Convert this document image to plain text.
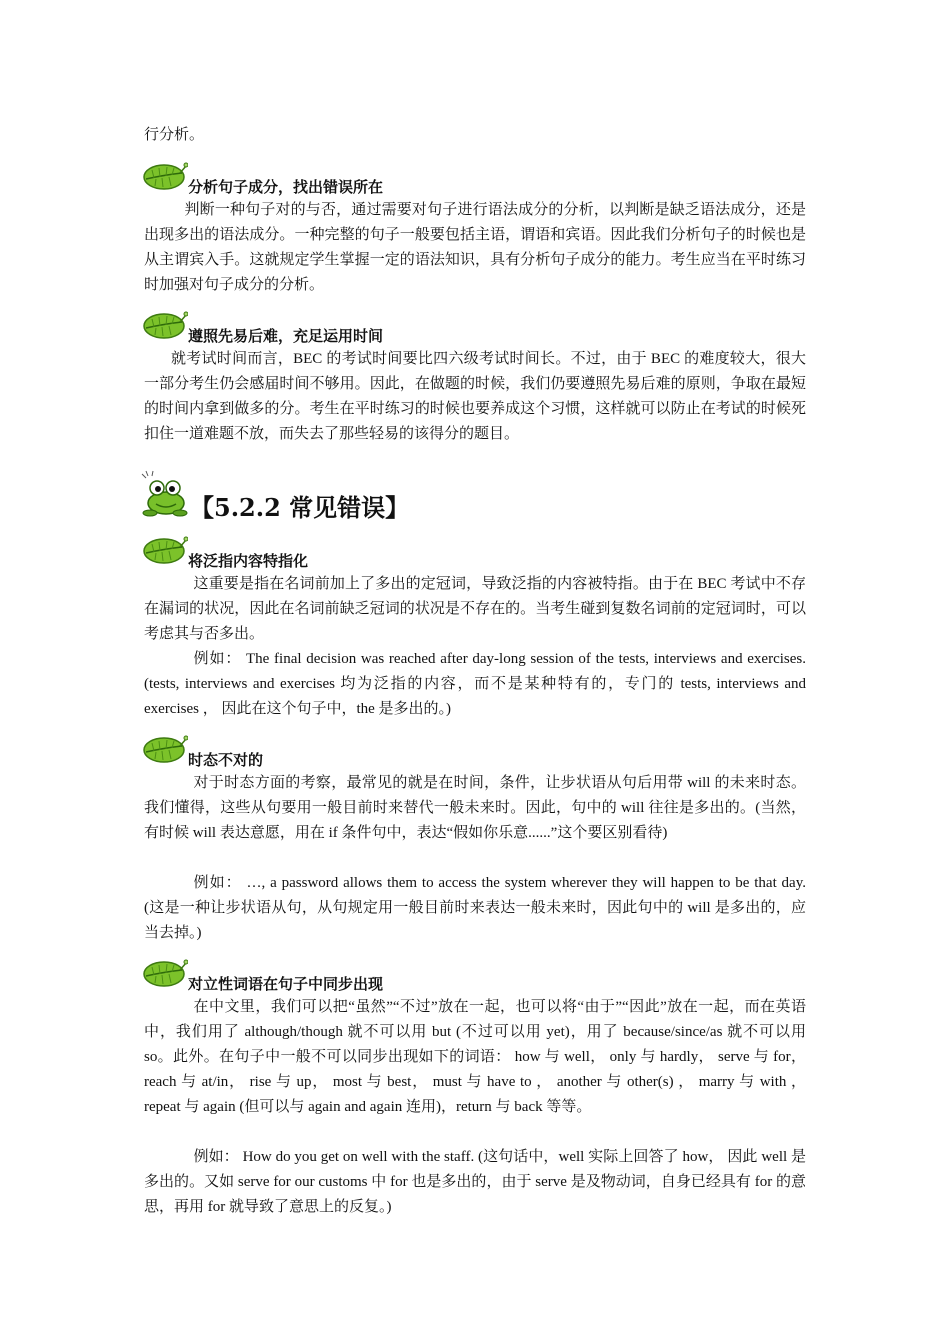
行分析。

分析句子成分，找出错误所在

判断一种句子对的与否，通过需要对句子进行语法成分的分析，以判断是缺乏语法成分，还是出现多出的语法成分。一种完整的句子一般要包括主语，谓语和宾语。因此我们分析句子的时候也是从主谓宾入手。这就规定学生掌握一定的语法知识，具有分析句子成分的能力。考生应当在平时练习时加强对句子成分的分析。

遵照先易后难，充足运用时间

就考试时间而言，BEC 的考试时间要比四六级考试时间长。不过，由于 BEC 的难度较大，很大一部分考生仍会感届时间不够用。因此，在做题的时候，我们仍要遵照先易后难的原则，争取在最短的时间内拿到做多的分。考生在平时练习的时候也要养成这个习惯，这样就可以防止在考试的时候死扣住一道难题不放，而失去了那些轻易的该得分的题目。

【5.2.2 常见错误】
将泛指内容特指化

这重要是指在名词前加上了多出的定冠词，导致泛指的内容被特指。由于在 BEC 考试中不存在漏词的状况，因此在名词前缺乏冠词的状况是不存在的。当考生碰到复数名词前的定冠词时，可以考虑其与否多出。

例如： The final decision was reached after day-long session of the tests, interviews and exercises. (tests, interviews and exercises 均为泛指的内容，而不是某种特有的，专门的 tests, interviews and exercises ， 因此在这个句子中，the 是多出的。)

时态不对的

对于时态方面的考察，最常见的就是在时间，条件，让步状语从句后用带 will 的未来时态。我们懂得，这些从句要用一般目前时来替代一般未来时。因此，句中的 will 往往是多出的。(当然，有时候 will 表达意愿，用在 if 条件句中，表达“假如你乐意......”这个要区别看待)

例如： …, a password allows them to access the system wherever they will happen to be that day. (这是一种让步状语从句，从句规定用一般目前时来表达一般未来时，因此句中的 will 是多出的，应当去掉。)

对立性词语在句子中同步出现

在中文里，我们可以把“虽然”“不过”放在一起，也可以将“由于”“因此”放在一起，而在英语中，我们用了 although/though 就不可以用 but (不过可以用 yet)，用了 because/since/as 就不可以用 so。此外。在句子中一般不可以同步出现如下的词语： how 与 well， only 与 hardly， serve 与 for， reach 与 at/in， rise 与 up， most 与 best， must 与 have to ， another 与 other(s) ， marry 与 with ， repeat 与 again (但可以与 again and again 连用)，return 与 back 等等。

例如： How do you get on well with the staff. (这句话中，well 实际上回答了 how， 因此 well 是多出的。又如 serve for our customs 中 for 也是多出的，由于 serve 是及物动词，自身已经具有 for 的意思，再用 for 就导致了意思上的反复。)
